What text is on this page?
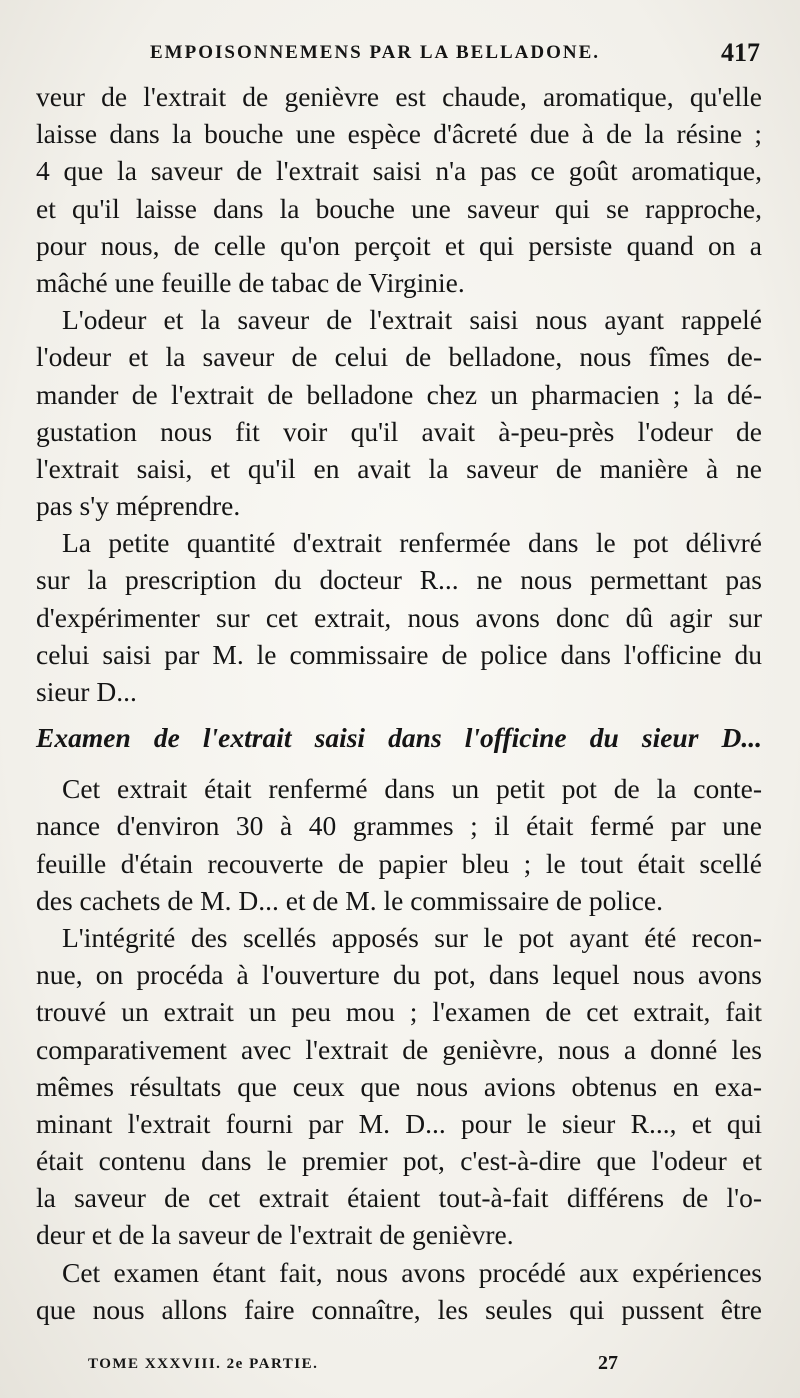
EMPOISONNEMENS PAR LA BELLADONE.	417
veur de l'extrait de genièvre est chaude, aromatique, qu'elle
laisse dans la bouche une espèce d'âcreté due à de la résine ;
4 que la saveur de l'extrait saisi n'a pas ce goût aromatique,
et qu'il laisse dans la bouche une saveur qui se rapproche,
pour nous, de celle qu'on perçoit et qui persiste quand on a
mâché une feuille de tabac de Virginie.
L'odeur et la saveur de l'extrait saisi nous ayant rappelé
l'odeur et la saveur de celui de belladone, nous fîmes de-
mander de l'extrait de belladone chez un pharmacien ; la dé-
gustation nous fit voir qu'il avait à-peu-près l'odeur de
l'extrait saisi, et qu'il en avait la saveur de manière à ne
pas s'y méprendre.
La petite quantité d'extrait renfermée dans le pot délivré
sur la prescription du docteur R... ne nous permettant pas
d'expérimenter sur cet extrait, nous avons donc dû agir sur
celui saisi par M. le commissaire de police dans l'officine du
sieur D...
Examen de l'extrait saisi dans l'officine du sieur D...
Cet extrait était renfermé dans un petit pot de la conte-
nance d'environ 30 à 40 grammes ; il était fermé par une
feuille d'étain recouverte de papier bleu ; le tout était scellé
des cachets de M. D... et de M. le commissaire de police.
L'intégrité des scellés apposés sur le pot ayant été recon-
nue, on procéda à l'ouverture du pot, dans lequel nous avons
trouvé un extrait un peu mou ; l'examen de cet extrait, fait
comparativement avec l'extrait de genièvre, nous a donné les
mêmes résultats que ceux que nous avions obtenus en exa-
minant l'extrait fourni par M. D... pour le sieur R..., et qui
était contenu dans le premier pot, c'est-à-dire que l'odeur et
la saveur de cet extrait étaient tout-à-fait différens de l'o-
deur et de la saveur de l'extrait de genièvre.
Cet examen étant fait, nous avons procédé aux expériences
que nous allons faire connaître, les seules qui pussent être
TOME XXXVIII. 2e PARTIE.	27
